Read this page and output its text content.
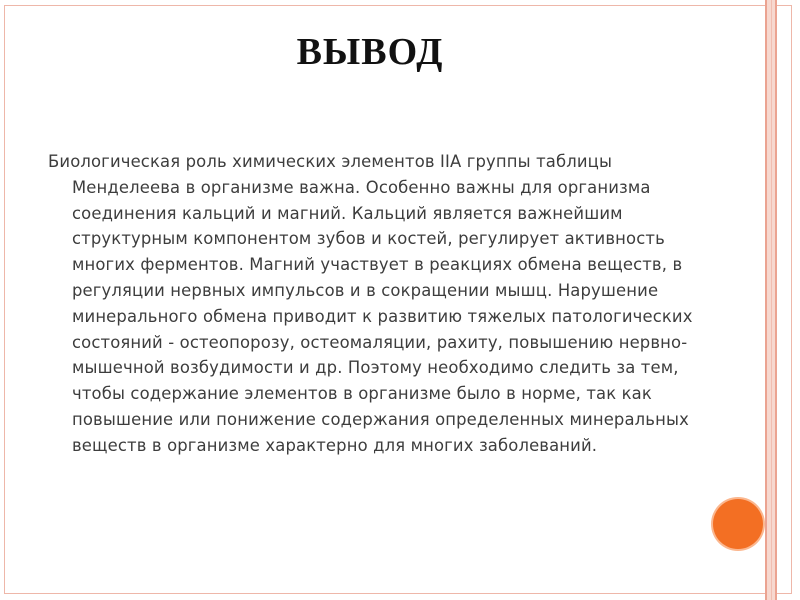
ВЫВОД
Биологическая роль химических элементов IIA группы таблицы
Менделеева в организме важна. Особенно важны для организма
соединения кальций и магний. Кальций является важнейшим
структурным компонентом зубов и костей, регулирует активность
многих ферментов. Магний участвует в реакциях обмена веществ, в
регуляции нервных импульсов и в сокращении мышц. Нарушение
минерального обмена приводит к развитию тяжелых патологических
состояний - остеопорозу, остеомаляции, рахиту, повышению нервно-
мышечной возбудимости и др. Поэтому необходимо следить за тем,
чтобы содержание элементов в организме было в норме, так как
повышение или понижение содержания определенных минеральных
веществ в организме характерно для многих заболеваний.
